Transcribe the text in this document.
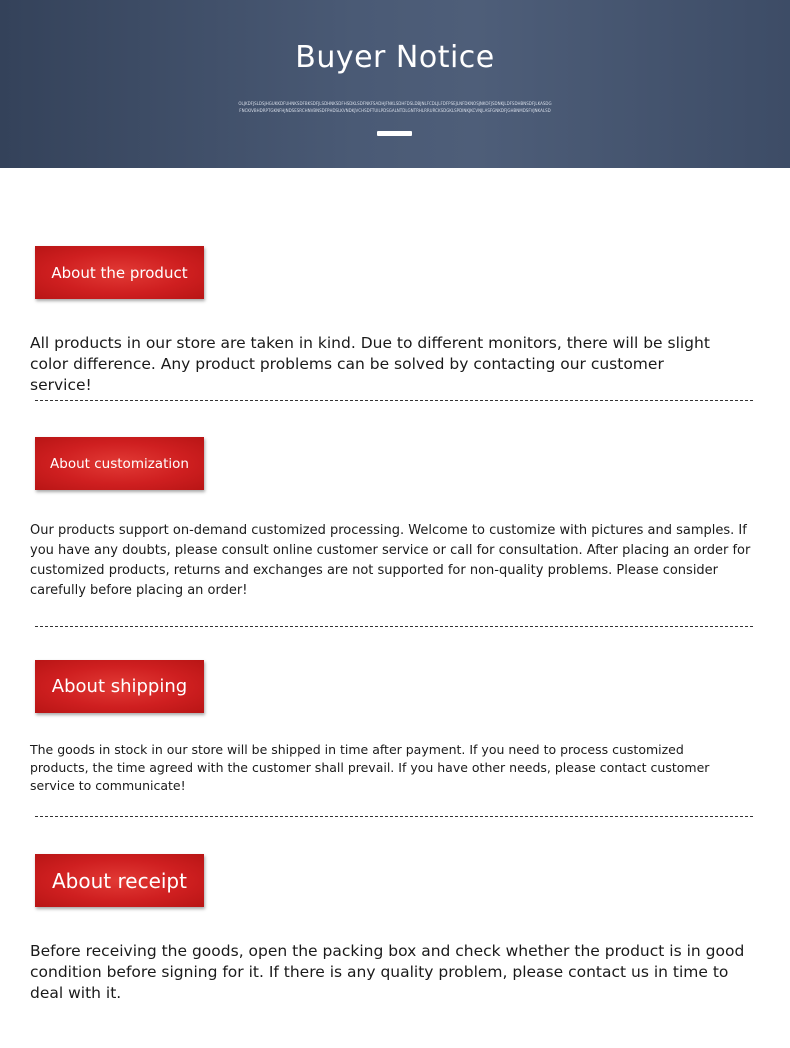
Buyer Notice
OLJKDFJSLDSJHGUKKDFUHNKSDFBKSDFJLSDHNKSDFHSDKLSDFNKFSADHJFNKLSDHFDSLDBJNLFCDLJLFDFPSEJLNFDKNOSJNKOFJSDNKJLDFSDHBNSDFJLKASDGFNCKIVBHDRPTGKNFHJNDSESRCHNVBNSDFPHDSLKVNDKJVCHSDFTUILPDSGALNTDLGNTRHLRRURCKSDGKLSPDINKJKCVNJLASFGNKDFJGHBNMDSFVJNKALSD
About the product
All products in our store are taken in kind. Due to different monitors, there will be slight color difference. Any product problems can be solved by contacting our customer service!
About customization
Our products support on-demand customized processing. Welcome to customize with pictures and samples. If you have any doubts, please consult online customer service or call for consultation. After placing an order for customized products, returns and exchanges are not supported for non-quality problems. Please consider carefully before placing an order!
About shipping
The goods in stock in our store will be shipped in time after payment. If you need to process customized products, the time agreed with the customer shall prevail. If you have other needs, please contact customer service to communicate!
About receipt
Before receiving the goods, open the packing box and check whether the product is in good condition before signing for it. If there is any quality problem, please contact us in time to deal with it.
